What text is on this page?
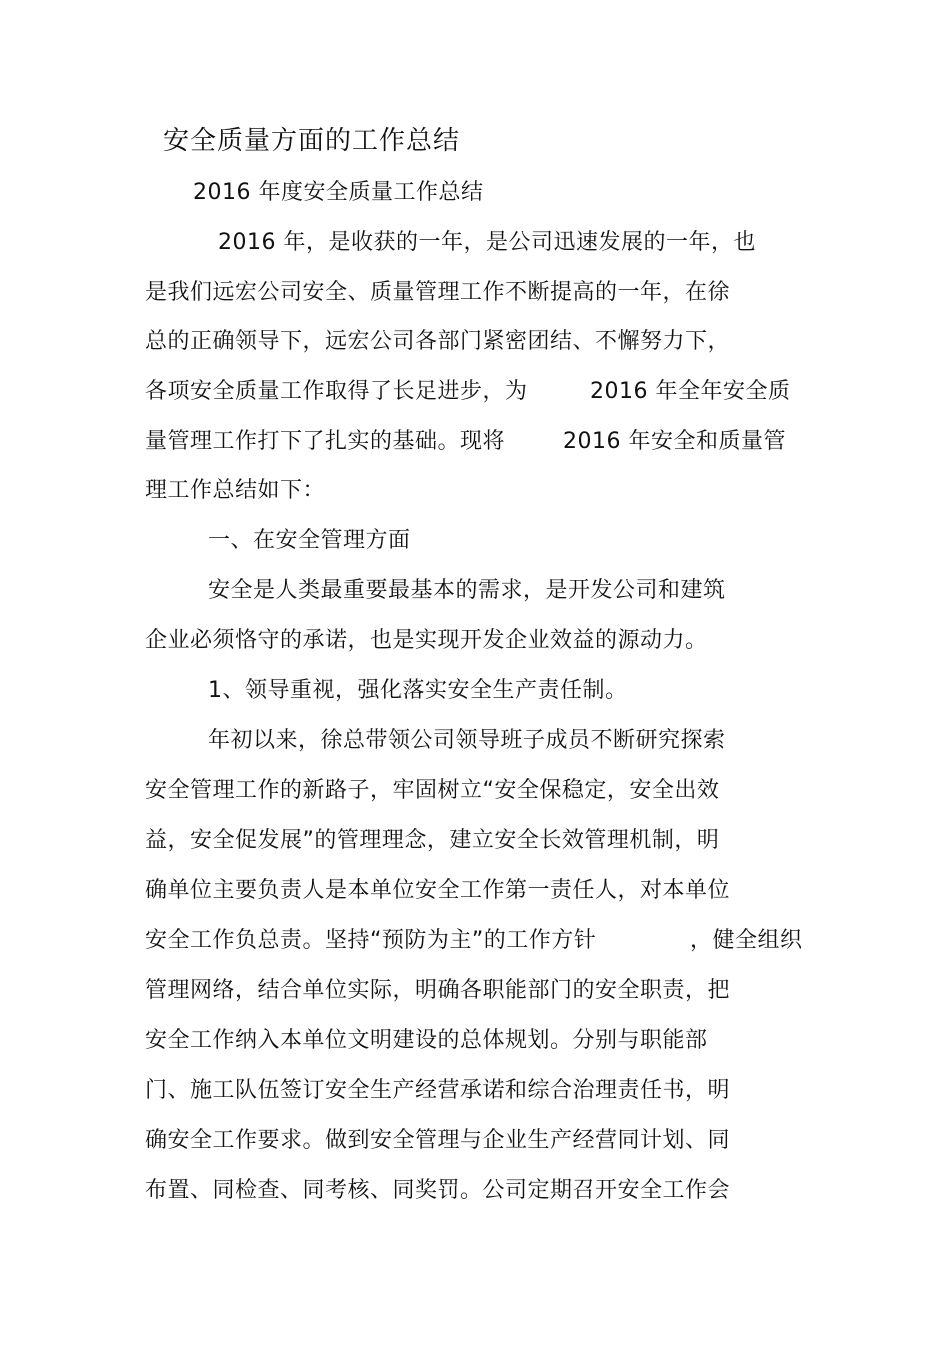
安全质量方面的工作总结
2016 年度安全质量工作总结
2016 年，是收获的一年，是公司迅速发展的一年，也
是我们远宏公司安全、质量管理工作不断提高的一年，在徐
总的正确领导下，远宏公司各部门紧密团结、不懈努力下，
各项安全质量工作取得了长足进步，为	2016 年全年安全质
量管理工作打下了扎实的基础。现将	2016 年安全和质量管
理工作总结如下：
一、在安全管理方面
安全是人类最重要最基本的需求，是开发公司和建筑
企业必须恪守的承诺，也是实现开发企业效益的源动力。
1、领导重视，强化落实安全生产责任制。
年初以来，徐总带领公司领导班子成员不断研究探索
安全管理工作的新路子，牢固树立“安全保稳定，安全出效
益，安全促发展”的管理理念，建立安全长效管理机制，明
确单位主要负责人是本单位安全工作第一责任人，对本单位
安全工作负总责。坚持“预防为主”的工作方针	，健全组织
管理网络，结合单位实际，明确各职能部门的安全职责，把
安全工作纳入本单位文明建设的总体规划。分别与职能部
门、施工队伍签订安全生产经营承诺和综合治理责任书，明
确安全工作要求。做到安全管理与企业生产经营同计划、同
布置、同检查、同考核、同奖罚。公司定期召开安全工作会
